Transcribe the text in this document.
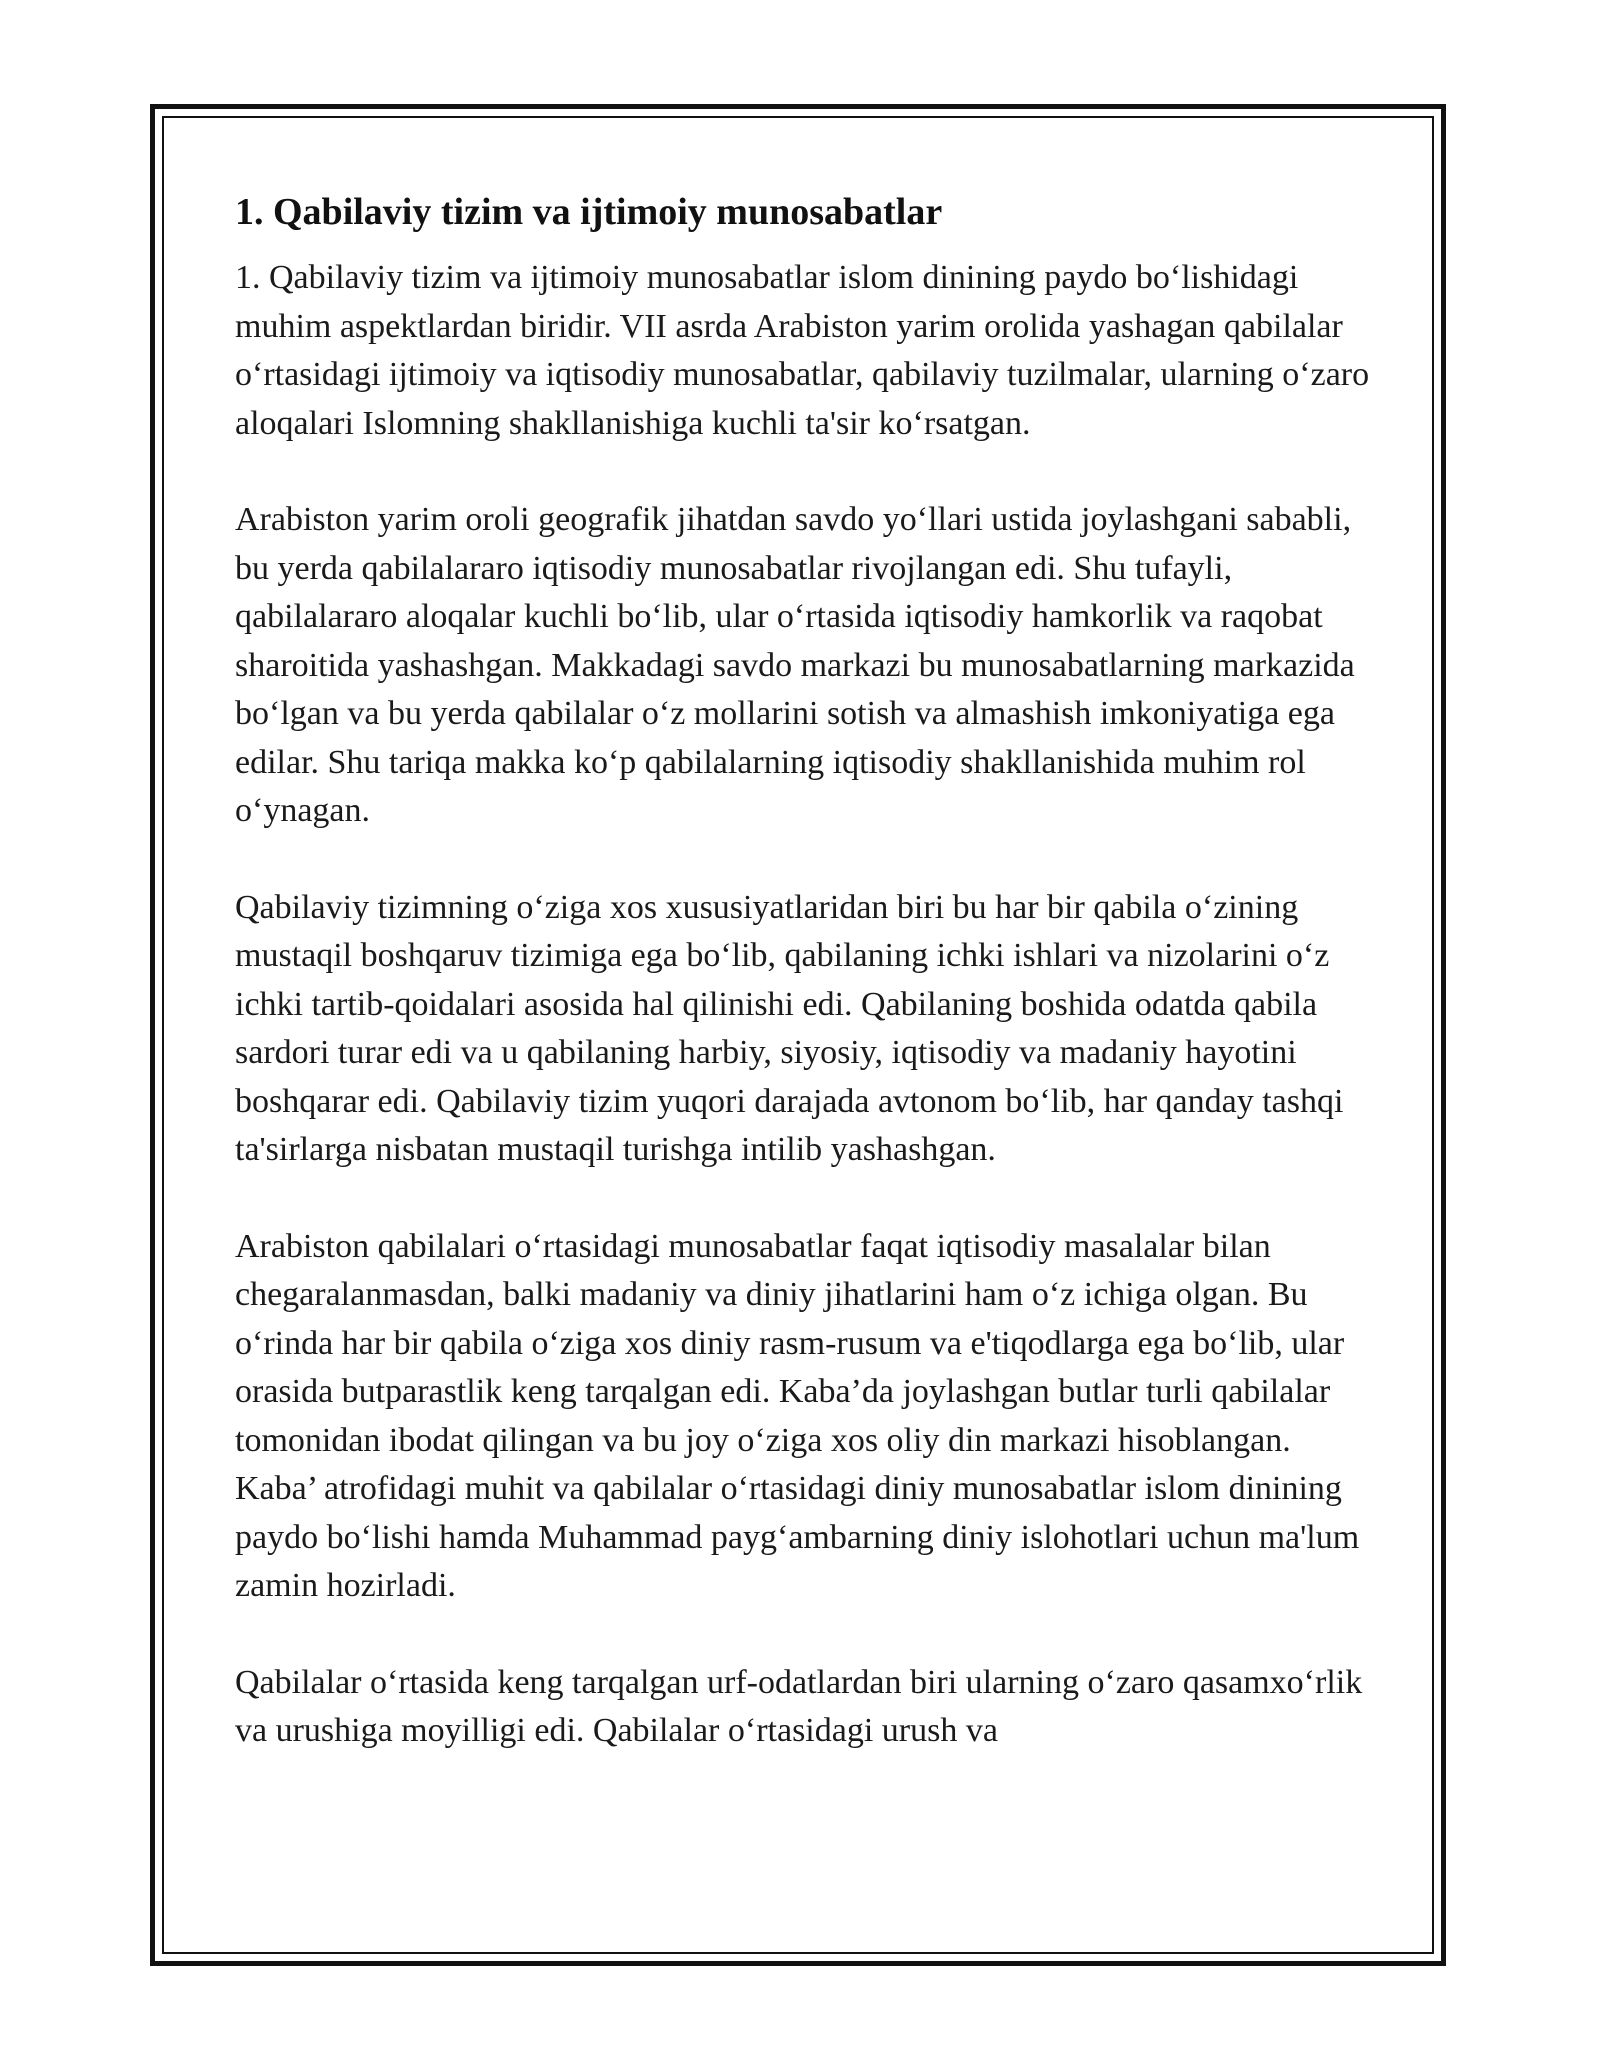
1. Qabilaviy tizim va ijtimoiy munosabatlar

1. Qabilaviy tizim va ijtimoiy munosabatlar islom dinining paydo bo‘lishidagi muhim aspektlardan biridir. VII asrda Arabiston yarim orolida yashagan qabilalar o‘rtasidagi ijtimoiy va iqtisodiy munosabatlar, qabilaviy tuzilmalar, ularning o‘zaro aloqalari Islomning shakllanishiga kuchli ta'sir ko‘rsatgan.

Arabiston yarim oroli geografik jihatdan savdo yo‘llari ustida joylashgani sababli, bu yerda qabilalararo iqtisodiy munosabatlar rivojlangan edi. Shu tufayli, qabilalararo aloqalar kuchli bo‘lib, ular o‘rtasida iqtisodiy hamkorlik va raqobat sharoitida yashashgan. Makkadagi savdo markazi bu munosabatlarning markazida bo‘lgan va bu yerda qabilalar o‘z mollarini sotish va almashish imkoniyatiga ega edilar. Shu tariqa makka ko‘p qabilalarning iqtisodiy shakllanishida muhim rol o‘ynagan.

Qabilaviy tizimning o‘ziga xos xususiyatlaridan biri bu har bir qabila o‘zining mustaqil boshqaruv tizimiga ega bo‘lib, qabilaning ichki ishlari va nizolarini o‘z ichki tartib-qoidalari asosida hal qilinishi edi. Qabilaning boshida odatda qabila sardori turar edi va u qabilaning harbiy, siyosiy, iqtisodiy va madaniy hayotini boshqarar edi. Qabilaviy tizim yuqori darajada avtonom bo‘lib, har qanday tashqi ta'sirlarga nisbatan mustaqil turishga intilib yashashgan.

Arabiston qabilalari o‘rtasidagi munosabatlar faqat iqtisodiy masalalar bilan chegaralanmasdan, balki madaniy va diniy jihatlarini ham o‘z ichiga olgan. Bu o‘rinda har bir qabila o‘ziga xos diniy rasm-rusum va e'tiqodlarga ega bo‘lib, ular orasida butparastlik keng tarqalgan edi. Kaba’da joylashgan butlar turli qabilalar tomonidan ibodat qilingan va bu joy o‘ziga xos oliy din markazi hisoblangan. Kaba’ atrofidagi muhit va qabilalar o‘rtasidagi diniy munosabatlar islom dinining paydo bo‘lishi hamda Muhammad payg‘ambarning diniy islohotlari uchun ma'lum zamin hozirladi.

Qabilalar o‘rtasida keng tarqalgan urf-odatlardan biri ularning o‘zaro qasamxo‘rlik va urushiga moyilligi edi. Qabilalar o‘rtasidagi urush va
